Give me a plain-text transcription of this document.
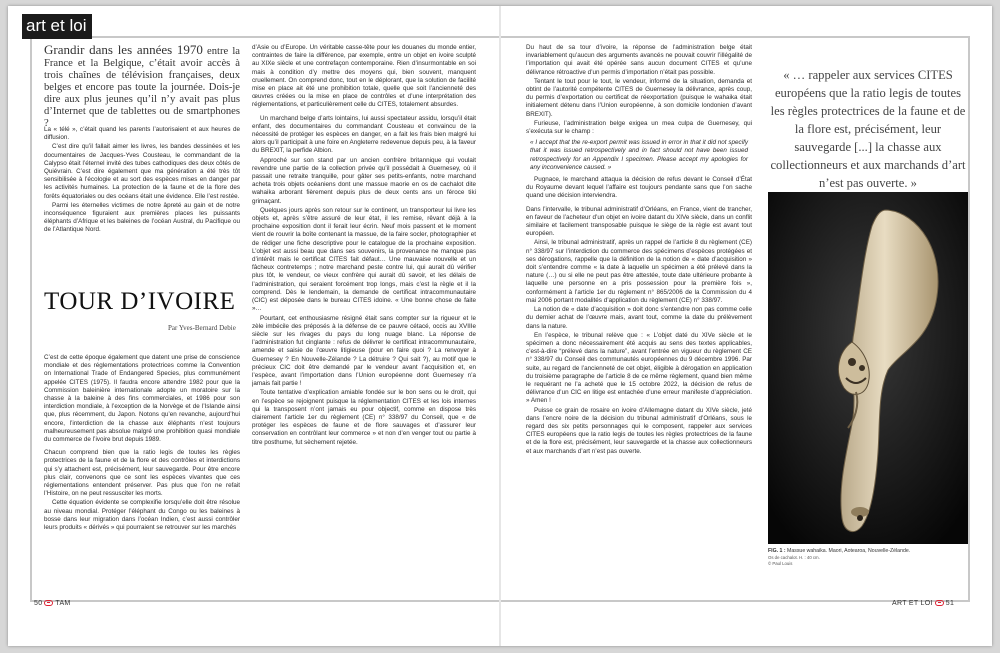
art et loi
Grandir dans les années 1970 entre la France et la Belgique, c’était avoir accès à trois chaînes de télévision françaises, deux belges et encore pas toute la journée. Dois-je dire aux plus jeunes qu’il n’y avait pas plus d’Internet que de tablettes ou de smartphones ?

La « télé », c’était quand les parents l’autorisaient et aux heures de diffusion.

C’est dire qu’il fallait aimer les livres, les bandes dessinées et les documentaires de Jacques-Yves Cousteau, le commandant de la Calypso était l’éternel invité des tubes cathodiques des deux côtés de Quiévrain. C’est dire également que ma génération a été très tôt sensibilisée à l’écologie et au sort des espèces mises en danger par les activités humaines. La protection de la faune et de la flore des forêts équatoriales ou des océans était une évidence. Elle l’est restée.

Parmi les éternelles victimes de notre âpreté au gain et de notre inconséquence figuraient aux premières places les puissants éléphants d’Afrique et les baleines de l’océan Austral, du Pacifique ou de l’Atlantique Nord.

TOUR D’IVOIRE
Par Yves-Bernard Debie

C’est de cette époque également que datent une prise de conscience mondiale et des réglementations protectrices comme la Convention on International Trade of Endangered Species, plus communément appelée CITES (1975). Il faudra encore attendre 1982 pour que la Commission baleinière internationale adopte un moratoire sur la chasse à la baleine à des fins commerciales, et 1986 pour son interdiction mondiale, à l’exception de la Norvège et de l’Islande ainsi que, plus récemment, du Japon. Notons qu’en revanche, aujourd’hui encore, l’interdiction de la chasse aux éléphants n’est toujours malheureusement pas absolue malgré une prohibition quasi mondiale du commerce de l’ivoire brut depuis 1989.

Chacun comprend bien que la ratio legis de toutes les règles protectrices de la faune et de la flore et des contrôles et interdictions qui s’y attachent est, précisément, leur sauvegarde. Pour être encore plus clair, convenons que ce sont les espèces vivantes que ces réglementations entendent préserver. Pas plus que l’on ne refait l’Histoire, on ne peut ressusciter les morts.

Cette équation évidente se complexifie lorsqu’elle doit être résolue au niveau mondial. Protéger l’éléphant du Congo ou les baleines à bosse dans leur migration dans l’océan Indien, c’est aussi contrôler leurs produits « dérivés » qui pourraient se retrouver sur les marchés

d’Asie ou d’Europe. Un véritable casse-tête pour les douanes du monde entier, contraintes de faire la différence, par exemple, entre un objet en ivoire sculpté au XIXe siècle et une contrefaçon contemporaine. Rien d’insurmontable en soi mais à condition d’y mettre des moyens qui, bien souvent, manquent cruellement. On comprend donc, tout en le déplorant, que la solution de facilité mise en place ait été une prohibition totale, quelle que soit l’ancienneté des œuvres créées ou la mise en place de contrôles et d’une interprétation des réglementations, et particulièrement celle du CITES, totalement absurdes.

Un marchand belge d’arts lointains, lui aussi spectateur assidu, lorsqu’il était enfant, des documentaires du commandant Cousteau et convaincu de la nécessité de protéger les espèces en danger, en a fait les frais bien malgré lui alors qu’il participait à une foire en Angleterre redevenue depuis peu, à la faveur du BREXIT, la perfide Albion.

Approché sur son stand par un ancien confrère britannique qui voulait revendre une partie de la collection privée qu’il possédait à Guernesey, où il passait une retraite tranquille, pour gâter ses petits-enfants, notre marchand acheta trois objets océaniens dont une massue maorie en os de cachalot dite wahaika arborant fièrement depuis plus de deux cents ans un féroce tiki grimaçant.

Quelques jours après son retour sur le continent, un transporteur lui livre les objets et, après s’être assuré de leur état, il les remise, rêvant déjà à la prochaine exposition dont il ferait leur écrin. Neuf mois passent et le moment vient de rouvrir la boîte contenant la massue, de la faire socler, photographier et de rédiger une fiche descriptive pour le catalogue de la prochaine exposition. L’objet est aussi beau que dans ses souvenirs, la provenance ne manque pas d’intérêt mais le certificat CITES fait défaut… Une mauvaise nouvelle et un fâcheux contretemps ; notre marchand peste contre lui, qui aurait dû vérifier plus tôt, le vendeur, ce vieux confrère qui aurait dû savoir, et les délais de l’administration, qui seraient forcément trop longs, mais c’est la règle et il la comprend. Dès le lendemain, la demande de certificat intracommunautaire (CIC) est déposée dans le bureau CITES idoine. « Une bonne chose de faite »…

Pourtant, cet enthousiasme résigné était sans compter sur la rigueur et le zèle imbécile des préposés à la défense de ce pauvre cétacé, occis au XVIIIe siècle sur les rivages du pays du long nuage blanc. La réponse de l’administration fut cinglante : refus de délivrer le certificat intracommunautaire, amende et saisie de l’œuvre litigieuse (pour en faire quoi ? La renvoyer à Guernesey ? En Nouvelle-Zélande ? La détruire ? Qui sait ?), au motif que le précieux CIC doit être demandé par le vendeur avant l’acquisition et, en l’espèce, avant l’importation dans l’Union européenne dont Guernesey n’a jamais fait partie !

Toute tentative d’explication amiable fondée sur le bon sens ou le droit, qui en l’espèce se rejoignent puisque la réglementation CITES et les lois internes qui la transposent n’ont jamais eu pour objectif, comme en dispose très clairement l’article 1er du règlement (CE) n° 338/97 du Conseil, que « de protéger les espèces de faune et de flore sauvages et d’assurer leur conservation en contrôlant leur commerce » et non d’en venger tout ou partie à titre posthume, fut sèchement rejetée.

Du haut de sa tour d’ivoire, la réponse de l’administration belge était invariablement qu’aucun des arguments avancés ne pouvait couvrir l’illégalité de l’importation qui avait été opérée sans aucun document CITES et qu’une délivrance rétroactive d’un permis d’importation n’était pas possible.

Tentant le tout pour le tout, le vendeur, informé de la situation, demanda et obtint de l’autorité compétente CITES de Guernesey la délivrance, après coup, du permis d’exportation ou certificat de réexportation (puisque le wahaika était initialement détenu dans l’Union européenne, à son domicile londonien d’avant BREXIT).

Furieuse, l’administration belge exigea un mea culpa de Guernesey, qui s’exécuta sur le champ :

« I accept that the re-export permit was issued in error in that it did not specify that it was issued retrospectively and in fact should not have been issued retrospectively for an Appendix I specimen. Please accept my apologies for any inconvenience caused. »

Pugnace, le marchand attaqua la décision de refus devant le Conseil d’État du Royaume devant lequel l’affaire est toujours pendante sans que l’on sache quand une décision interviendra.

Dans l’intervalle, le tribunal administratif d’Orléans, en France, vient de trancher, en faveur de l’acheteur d’un objet en ivoire datant du XIVe siècle, dans un conflit similaire et facilement transposable puisque le siège de la règle est avant tout européen.

Ainsi, le tribunal administratif, après un rappel de l’article 8 du règlement (CE) n° 338/97 sur l’interdiction du commerce des spécimens d’espèces protégées et ses dérogations, rappelle que la définition de la notion de « date d’acquisition » doit s’entendre comme « la date à laquelle un spécimen a été prélevé dans la nature (…) ou si elle ne peut pas être attestée, toute date ultérieure probante à laquelle une personne en a pris possession pour la première fois », conformément à l’article 1er du règlement n° 865/2006 de la Commission du 4 mai 2006 portant modalités d’application du règlement (CE) n° 338/97.

La notion de « date d’acquisition » doit donc s’entendre non pas comme celle du dernier achat de l’œuvre mais, avant tout, comme la date du prélèvement dans la nature.

En l’espèce, le tribunal relève que : « L’objet daté du XIVe siècle et le spécimen a donc nécessairement été acquis au sens des textes applicables, c’est-à-dire “prélevé dans la nature”, avant l’entrée en vigueur du règlement CE n° 338/97 du Conseil des communautés européennes du 9 décembre 1996. Par suite, au regard de l’ancienneté de cet objet, éligible à dérogation en application du troisième paragraphe de l’article 8 de ce même règlement, quand bien même le requérant ne l’a acheté que le 15 octobre 2022, la décision de refus de délivrance d’un CIC en litige est entachée d’une erreur manifeste d’appréciation. » Amen !

Puisse ce grain de rosaire en ivoire d’Allemagne datant du XIVe siècle, jeté dans l’encre noire de la décision du tribunal administratif d’Orléans, sous le regard des six petits personnages qui le composent, rappeler aux services CITES européens que la ratio legis de toutes les règles protectrices de la faune et de la flore est, précisément, leur sauvegarde et la chasse aux collectionneurs et aux marchands d’art n’est pas ouverte.

« … rappeler aux services CITES européens que la ratio legis de toutes les règles protectrices de la faune et de la flore est, précisément, leur sauvegarde [...] la chasse aux collectionneurs et aux marchands d’art n’est pas ouverte. »
FIG. 1 : Massue wahaika. Maori, Aotearoa, Nouvelle-Zélande.
Os de cachalot. H. : 40 cm.
© Paul Louis
50 TAM	ART ET LOI 51
